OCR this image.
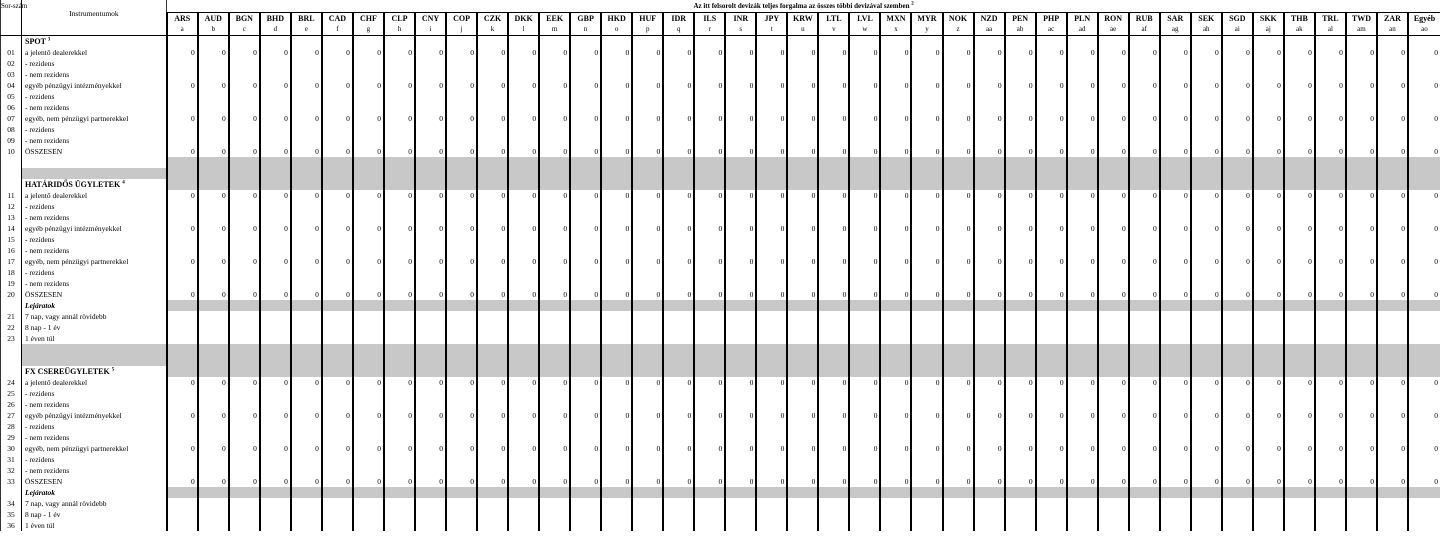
Sor-szám	Instrumentumok	Az itt felsorolt devizák teljes forgalma az összes többi devizával szemben $^2$
		ARS	AUD	BGN	BHD	BRL	CAD	CHF	CLP	CNY	COP	CZK	DKK	EEK	GBP	HKD	HUF	IDR	ILS	INR	JPY	KRW	LTL	LVL	MXN	MYR	NOK	NZD	PEN	PHP	PLN	RON	RUB	SAR	SEK	SGD	SKK	THB	TRL	TWD	ZAR	Egyéb
		a	b	c	d	e	f	g	h	i	j	k	l	m	n	o	p	q	r	s	t	u	v	w	x	y	z	aa	ab	ac	ad	ae	af	ag	ah	ai	aj	ak	al	am	an	ao
	SPOT $^3$																																									
01	a jelentő dealerekkel	0	0	0	0	0	0	0	0	0	0	0	0	0	0	0	0	0	0	0	0	0	0	0	0	0	0	0	0	0	0	0	0	0	0	0	0	0	0	0	0	0
02	- rezidens																																									
03	- nem rezidens																																									
04	egyéb pénzügyi intézményekkel	0	0	0	0	0	0	0	0	0	0	0	0	0	0	0	0	0	0	0	0	0	0	0	0	0	0	0	0	0	0	0	0	0	0	0	0	0	0	0	0	0
05	- rezidens																																									
06	- nem rezidens																																									
07	egyéb, nem pénzügyi partnerekkel	0	0	0	0	0	0	0	0	0	0	0	0	0	0	0	0	0	0	0	0	0	0	0	0	0	0	0	0	0	0	0	0	0	0	0	0	0	0	0	0	0
08	- rezidens																																									
09	- nem rezidens																																									
10	ÖSSZESEN	0	0	0	0	0	0	0	0	0	0	0	0	0	0	0	0	0	0	0	0	0	0	0	0	0	0	0	0	0	0	0	0	0	0	0	0	0	0	0	0	0

	HATÁRIDŐS ÜGYLETEK $^4$																																									
11	a jelentő dealerekkel	0	0	0	0	0	0	0	0	0	0	0	0	0	0	0	0	0	0	0	0	0	0	0	0	0	0	0	0	0	0	0	0	0	0	0	0	0	0	0	0	0
12	- rezidens																																									
13	- nem rezidens																																									
14	egyéb pénzügyi intézményekkel	0	0	0	0	0	0	0	0	0	0	0	0	0	0	0	0	0	0	0	0	0	0	0	0	0	0	0	0	0	0	0	0	0	0	0	0	0	0	0	0	0
15	- rezidens																																									
16	- nem rezidens																																									
17	egyéb, nem pénzügyi partnerekkel	0	0	0	0	0	0	0	0	0	0	0	0	0	0	0	0	0	0	0	0	0	0	0	0	0	0	0	0	0	0	0	0	0	0	0	0	0	0	0	0	0
18	- rezidens																																									
19	- nem rezidens																																									
20	ÖSSZESEN	0	0	0	0	0	0	0	0	0	0	0	0	0	0	0	0	0	0	0	0	0	0	0	0	0	0	0	0	0	0	0	0	0	0	0	0	0	0	0	0	0
	Lejáratok																																									
21	7 nap, vagy annál rövidebb																																									
22	8 nap - 1 év																																									
23	1 éven túl																																									

	FX CSEREÜGYLETEK $^5$																																									
24	a jelentő dealerekkel	0	0	0	0	0	0	0	0	0	0	0	0	0	0	0	0	0	0	0	0	0	0	0	0	0	0	0	0	0	0	0	0	0	0	0	0	0	0	0	0	0
25	- rezidens																																									
26	- nem rezidens																																									
27	egyéb pénzügyi intézményekkel	0	0	0	0	0	0	0	0	0	0	0	0	0	0	0	0	0	0	0	0	0	0	0	0	0	0	0	0	0	0	0	0	0	0	0	0	0	0	0	0	0
28	- rezidens																																									
29	- nem rezidens																																									
30	egyéb, nem pénzügyi partnerekkel	0	0	0	0	0	0	0	0	0	0	0	0	0	0	0	0	0	0	0	0	0	0	0	0	0	0	0	0	0	0	0	0	0	0	0	0	0	0	0	0	0
31	- rezidens																																									
32	- nem rezidens																																									
33	ÖSSZESEN	0	0	0	0	0	0	0	0	0	0	0	0	0	0	0	0	0	0	0	0	0	0	0	0	0	0	0	0	0	0	0	0	0	0	0	0	0	0	0	0	0
	Lejáratok																																									
34	7 nap, vagy annál rövidebb																																									
35	8 nap - 1 év																																									
36	1 éven túl																																									
